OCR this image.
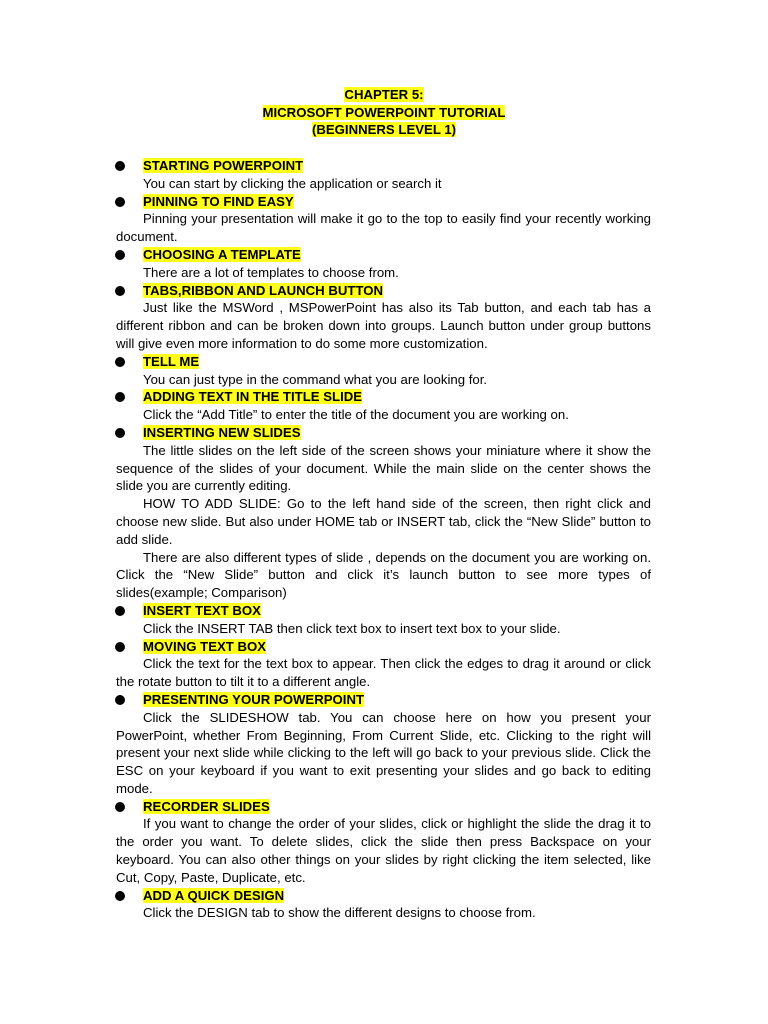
CHAPTER 5:
MICROSOFT POWERPOINT TUTORIAL
(BEGINNERS LEVEL 1)
STARTING POWERPOINT

You can start by clicking the application or search it

PINNING TO FIND EASY

Pinning your presentation will make it go to the top to easily find your recently working document.

CHOOSING A TEMPLATE

There are a lot of templates to choose from.

TABS,RIBBON AND LAUNCH BUTTON

Just like the MSWord , MSPowerPoint has also its Tab button, and each tab has a different ribbon and can be broken down into groups. Launch button under group buttons will give even more information to do some more customization.

TELL ME

You can just type in the command what you are looking for.

ADDING TEXT IN THE TITLE SLIDE

Click the “Add Title” to enter the title of the document you are working on.

INSERTING NEW SLIDES

The little slides on the left side of the screen shows your miniature where it show the sequence of the slides of your document. While the main slide on the center shows the slide you are currently editing.

HOW TO ADD SLIDE: Go to the left hand side of the screen, then right click and choose new slide. But also under HOME tab or INSERT tab, click the “New Slide” button to add slide.

There are also different types of slide , depends on the document you are working on. Click the “New Slide” button and click it’s launch button to see more types of slides(example; Comparison)

INSERT TEXT BOX

Click the INSERT TAB then click text box to insert text box to your slide.

MOVING TEXT BOX

Click the text for the text box to appear. Then click the edges to drag it around or click the rotate button to tilt it to a different angle.

PRESENTING YOUR POWERPOINT

Click the SLIDESHOW tab. You can choose here on how you present your PowerPoint, whether From Beginning, From Current Slide, etc. Clicking to the right will present your next slide while clicking to the left will go back to your previous slide. Click the ESC on your keyboard if you want to exit presenting your slides and go back to editing mode.

RECORDER SLIDES

If you want to change the order of your slides, click or highlight the slide the drag it to the order you want. To delete slides, click the slide then press Backspace on your keyboard. You can also other things on your slides by right clicking the item selected, like Cut, Copy, Paste, Duplicate, etc.

ADD A QUICK DESIGN

Click the DESIGN tab to show the different designs to choose from.
